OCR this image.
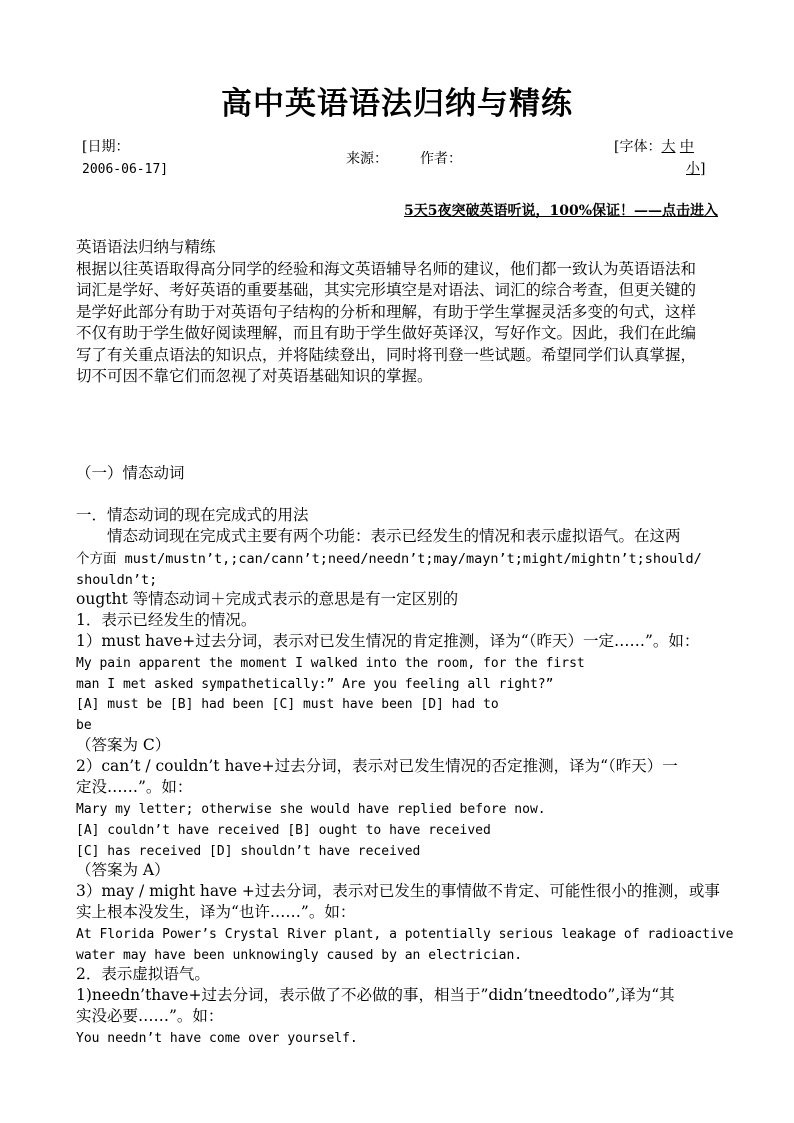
高中英语语法归纳与精练
[日期：
2006-06-17]
来源： 作者：
[字体：大 中
小]
5天5夜突破英语听说，100%保证！——点击进入
英语语法归纳与精练
根据以往英语取得高分同学的经验和海文英语辅导名师的建议，他们都一致认为英语语法和
词汇是学好、考好英语的重要基础，其实完形填空是对语法、词汇的综合考查，但更关键的
是学好此部分有助于对英语句子结构的分析和理解，有助于学生掌握灵活多变的句式，这样
不仅有助于学生做好阅读理解，而且有助于学生做好英译汉，写好作文。因此，我们在此编
写了有关重点语法的知识点，并将陆续登出，同时将刊登一些试题。希望同学们认真掌握，
切不可因不靠它们而忽视了对英语基础知识的掌握。
（一）情态动词
一．情态动词的现在完成式的用法
　　情态动词现在完成式主要有两个功能：表示已经发生的情况和表示虚拟语气。在这两
个方面 must/mustn’t,;can/cann’t;need/needn’t;may/mayn’t;might/mightn’t;should/
shouldn’t;
ougtht 等情态动词＋完成式表示的意思是有一定区别的
1．表示已经发生的情况。
1）must have+过去分词，表示对已发生情况的肯定推测，译为“（昨天）一定……”。如：
My pain apparent the moment I walked into the room, for the first
man I met asked sympathetically:” Are you feeling all right?”
[A] must be [B] had been [C] must have been [D] had to
be
（答案为 C）
2）can’t / couldn’t have+过去分词，表示对已发生情况的否定推测，译为“（昨天）一
定没……”。如：
Mary my letter; otherwise she would have replied before now.
[A] couldn’t have received [B] ought to have received
[C] has received [D] shouldn’t have received
（答案为 A）
3）may / might have +过去分词，表示对已发生的事情做不肯定、可能性很小的推测，或事
实上根本没发生，译为“也许……”。如：
At Florida Power’s Crystal River plant, a potentially serious leakage of radioactive
water may have been unknowingly caused by an electrician.
2．表示虚拟语气。
1)needn’thave+过去分词，表示做了不必做的事，相当于”didn’tneedtodo”,译为“其
实没必要……”。如：
You needn’t have come over yourself.
